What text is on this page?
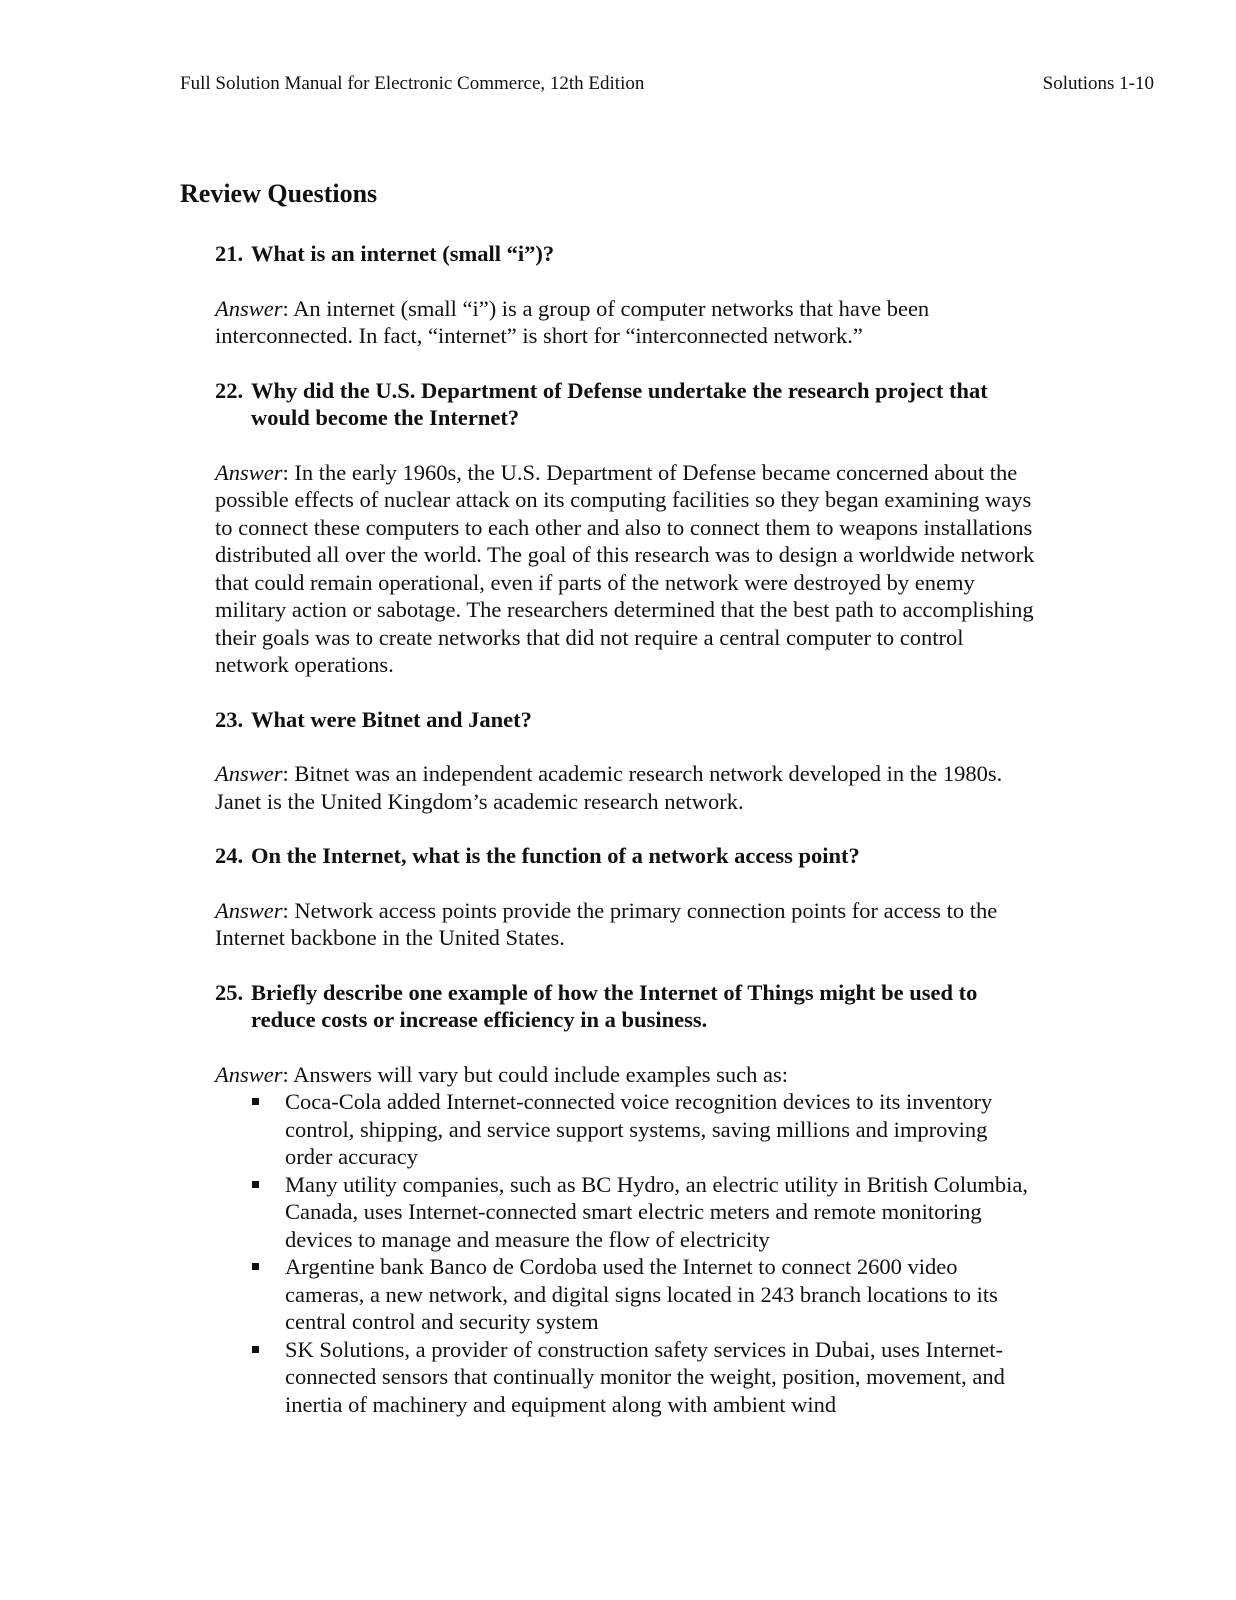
Full Solution Manual for Electronic Commerce, 12th Edition	Solutions 1-10
Review Questions

21. What is an internet (small “i”)?

Answer: An internet (small “i”) is a group of computer networks that have been interconnected. In fact, “internet” is short for “interconnected network.”

22. Why did the U.S. Department of Defense undertake the research project that would become the Internet?

Answer: In the early 1960s, the U.S. Department of Defense became concerned about the possible effects of nuclear attack on its computing facilities so they began examining ways to connect these computers to each other and also to connect them to weapons installations distributed all over the world. The goal of this research was to design a worldwide network that could remain operational, even if parts of the network were destroyed by enemy military action or sabotage. The researchers determined that the best path to accomplishing their goals was to create networks that did not require a central computer to control network operations.

23. What were Bitnet and Janet?

Answer: Bitnet was an independent academic research network developed in the 1980s. Janet is the United Kingdom’s academic research network.

24. On the Internet, what is the function of a network access point?

Answer: Network access points provide the primary connection points for access to the Internet backbone in the United States.

25. Briefly describe one example of how the Internet of Things might be used to reduce costs or increase efficiency in a business.

Answer: Answers will vary but could include examples such as:

Coca-Cola added Internet-connected voice recognition devices to its inventory control, shipping, and service support systems, saving millions and improving order accuracy
Many utility companies, such as BC Hydro, an electric utility in British Columbia, Canada, uses Internet-connected smart electric meters and remote monitoring devices to manage and measure the flow of electricity
Argentine bank Banco de Cordoba used the Internet to connect 2600 video cameras, a new network, and digital signs located in 243 branch locations to its central control and security system
SK Solutions, a provider of construction safety services in Dubai, uses Internet-connected sensors that continually monitor the weight, position, movement, and inertia of machinery and equipment along with ambient wind
